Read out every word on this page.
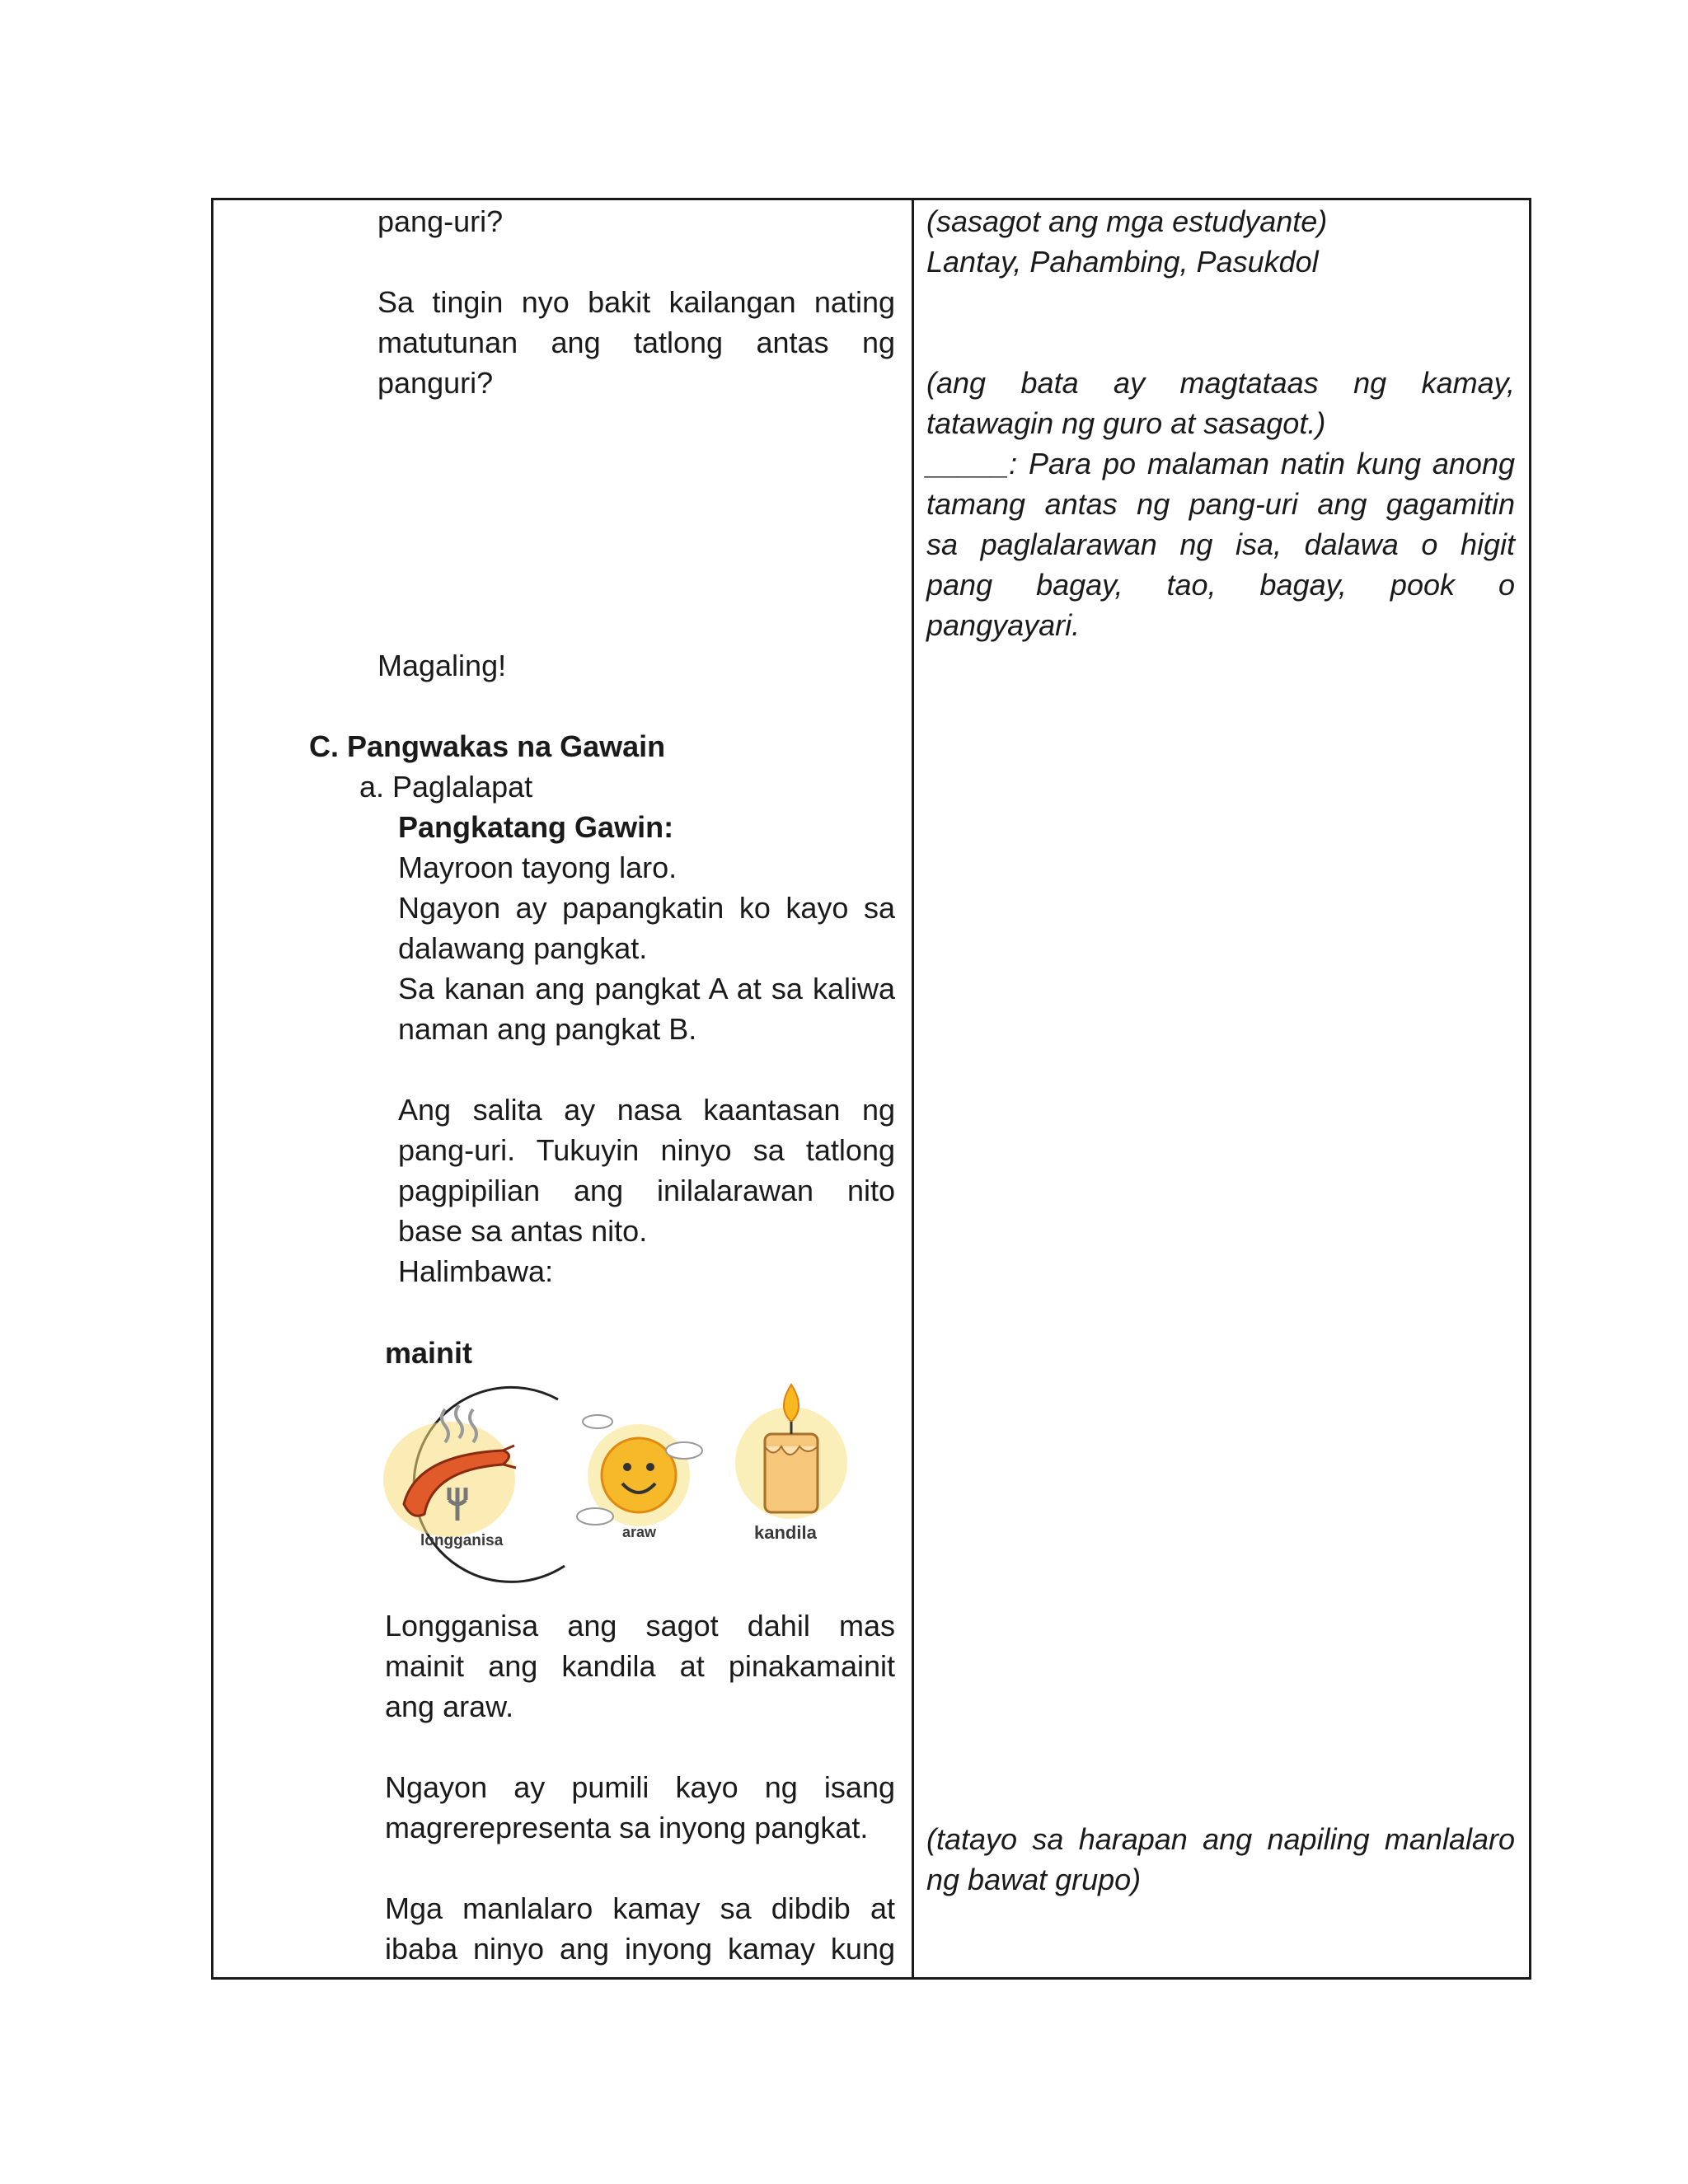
pang-uri?
Sa tingin nyo bakit kailangan nating
matutunan ang tatlong antas ng
panguri?
Magaling!
C. Pangwakas na Gawain
a. Paglalapat
Pangkatang Gawin:
Mayroon tayong laro.
Ngayon ay papangkatin ko kayo sa
dalawang pangkat.
Sa kanan ang pangkat A at sa kaliwa
naman ang pangkat B.
Ang salita ay nasa kaantasan ng
pang-uri. Tukuyin ninyo sa tatlong
pagpipilian ang inilalarawan nito
base sa antas nito.
Halimbawa:
mainit
longganisa	araw	kandila
Longganisa ang sagot dahil mas
mainit ang kandila at pinakamainit
ang araw.
Ngayon ay pumili kayo ng isang
magrerepresenta sa inyong pangkat.
Mga manlalaro kamay sa dibdib at
ibaba ninyo ang inyong kamay kung
(sasagot ang mga estudyante)
Lantay, Pahambing, Pasukdol
(ang bata ay magtataas ng kamay,
tatawagin ng guro at sasagot.)
_____: Para po malaman natin kung anong
tamang antas ng pang-uri ang gagamitin
sa paglalarawan ng isa, dalawa o higit
pang bagay, tao, bagay, pook o
pangyayari.
(tatayo sa harapan ang napiling manlalaro
ng bawat grupo)
